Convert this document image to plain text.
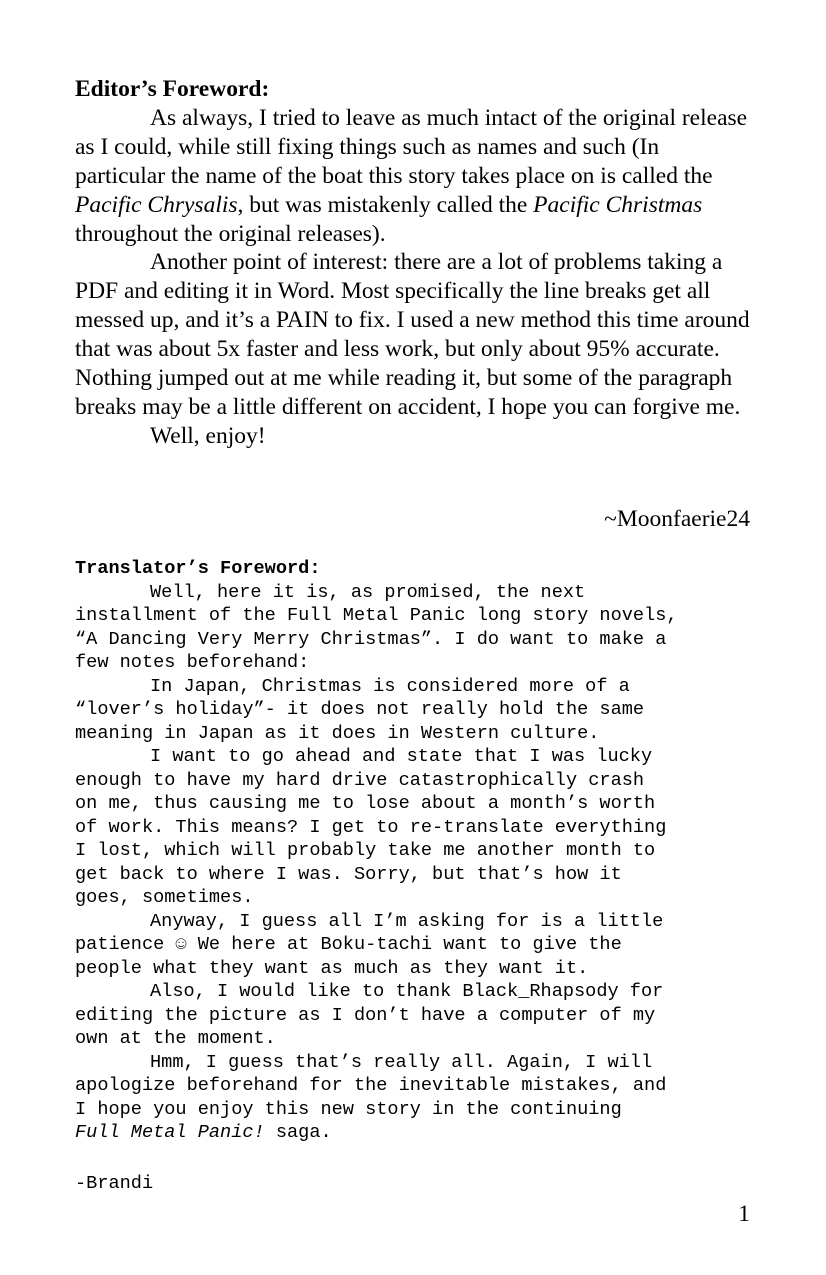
Editor’s Foreword:

As always, I tried to leave as much intact of the original release as I could, while still fixing things such as names and such (In particular the name of the boat this story takes place on is called the Pacific Chrysalis, but was mistakenly called the Pacific Christmas throughout the original releases).

Another point of interest: there are a lot of problems taking a PDF and editing it in Word. Most specifically the line breaks get all messed up, and it’s a PAIN to fix. I used a new method this time around that was about 5x faster and less work, but only about 95% accurate. Nothing jumped out at me while reading it, but some of the paragraph breaks may be a little different on accident, I hope you can forgive me.

Well, enjoy!

~Moonfaerie24

Translator’s Foreword:

Well, here it is, as promised, the next
installment of the Full Metal Panic long story novels,
“A Dancing Very Merry Christmas”. I do want to make a
few notes beforehand:
In Japan, Christmas is considered more of a
“lover’s holiday”- it does not really hold the same
meaning in Japan as it does in Western culture.
I want to go ahead and state that I was lucky
enough to have my hard drive catastrophically crash
on me, thus causing me to lose about a month’s worth
of work. This means? I get to re-translate everything
I lost, which will probably take me another month to
get back to where I was. Sorry, but that’s how it
goes, sometimes.
Anyway, I guess all I’m asking for is a little
patience ☺ We here at Boku-tachi want to give the
people what they want as much as they want it.
Also, I would like to thank Black_Rhapsody for
editing the picture as I don’t have a computer of my
own at the moment.
Hmm, I guess that’s really all. Again, I will
apologize beforehand for the inevitable mistakes, and
I hope you enjoy this new story in the continuing
Full Metal Panic! saga.
-Brandi
1
